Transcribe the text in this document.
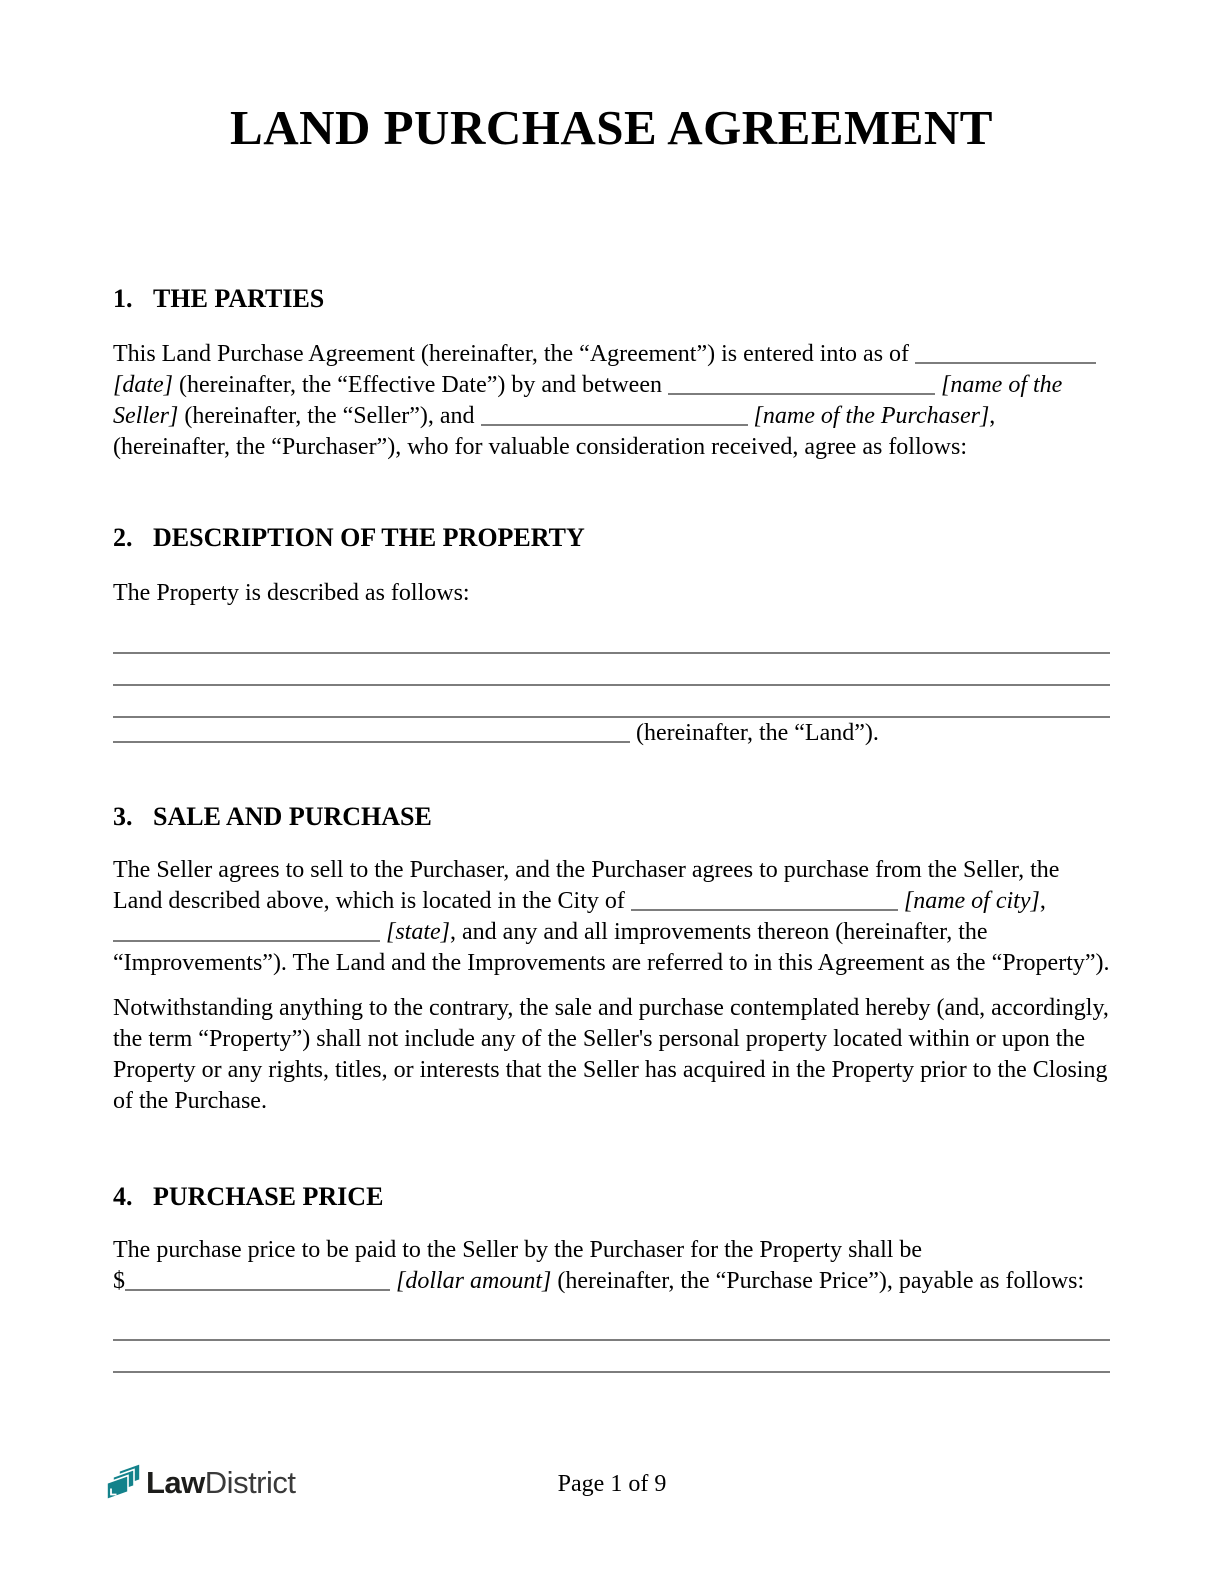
LAND PURCHASE AGREEMENT
1. THE PARTIES
This Land Purchase Agreement (hereinafter, the “Agreement”) is entered into as of
[date] (hereinafter, the “Effective Date”) by and between	[name of the
Seller] (hereinafter, the “Seller”), and	[name of the Purchaser],
(hereinafter, the “Purchaser”), who for valuable consideration received, agree as follows:
2. DESCRIPTION OF THE PROPERTY
The Property is described as follows:
(hereinafter, the “Land”).
3. SALE AND PURCHASE
The Seller agrees to sell to the Purchaser, and the Purchaser agrees to purchase from the Seller, the
Land described above, which is located in the City of	[name of city],
[state], and any and all improvements thereon (hereinafter, the
“Improvements”). The Land and the Improvements are referred to in this Agreement as the “Property”).
Notwithstanding anything to the contrary, the sale and purchase contemplated hereby (and, accordingly,
the term “Property”) shall not include any of the Seller's personal property located within or upon the
Property or any rights, titles, or interests that the Seller has acquired in the Property prior to the Closing
of the Purchase.
4. PURCHASE PRICE
The purchase price to be paid to the Seller by the Purchaser for the Property shall be
$	[dollar amount] (hereinafter, the “Purchase Price”), payable as follows:
LawDistrict	Page 1 of 9
